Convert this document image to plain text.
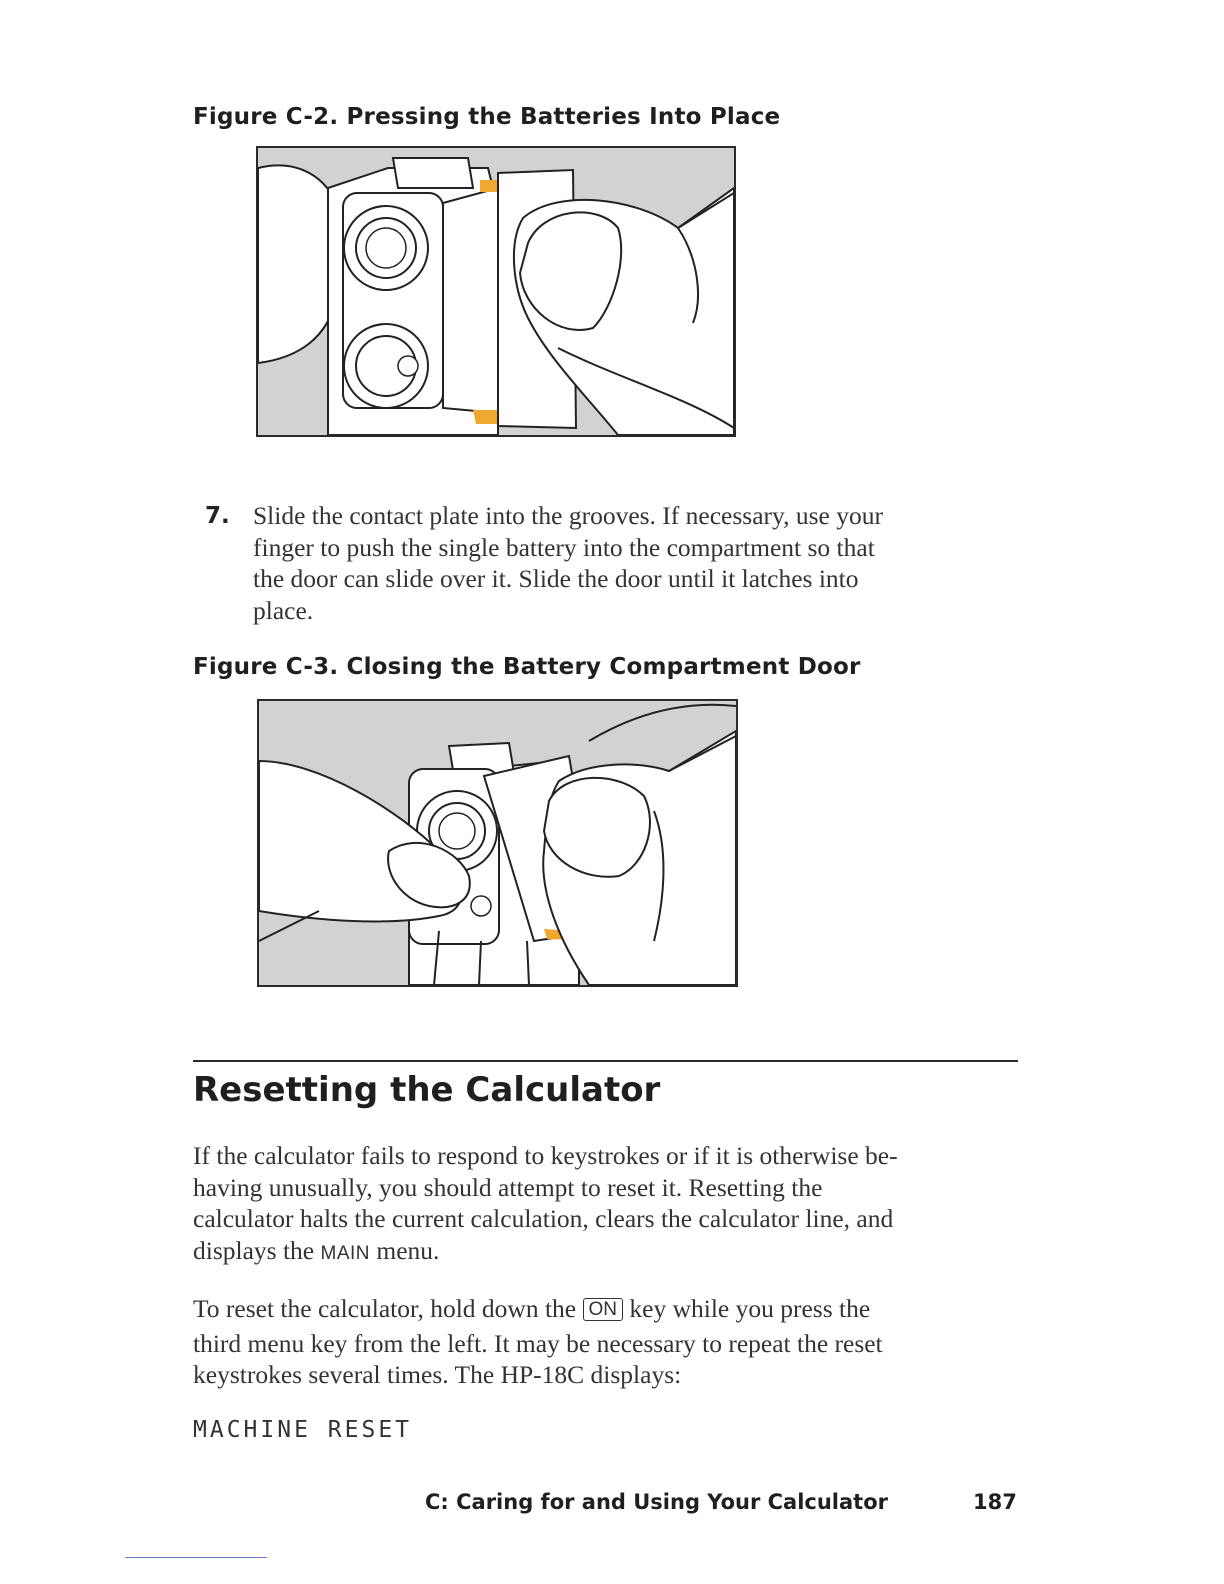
Figure C-2. Pressing the Batteries Into Place
7. Slide the contact plate into the grooves. If necessary, use your
finger to push the single battery into the compartment so that
the door can slide over it. Slide the door until it latches into
place.
Figure C-3. Closing the Battery Compartment Door
Resetting the Calculator
If the calculator fails to respond to keystrokes or if it is otherwise be-
having unusually, you should attempt to reset it. Resetting the
calculator halts the current calculation, clears the calculator line, and
displays the MAIN menu.
To reset the calculator, hold down the ON key while you press the
third menu key from the left. It may be necessary to repeat the reset
keystrokes several times. The HP-18C displays:
MACHINE RESET
C: Caring for and Using Your Calculator	187
